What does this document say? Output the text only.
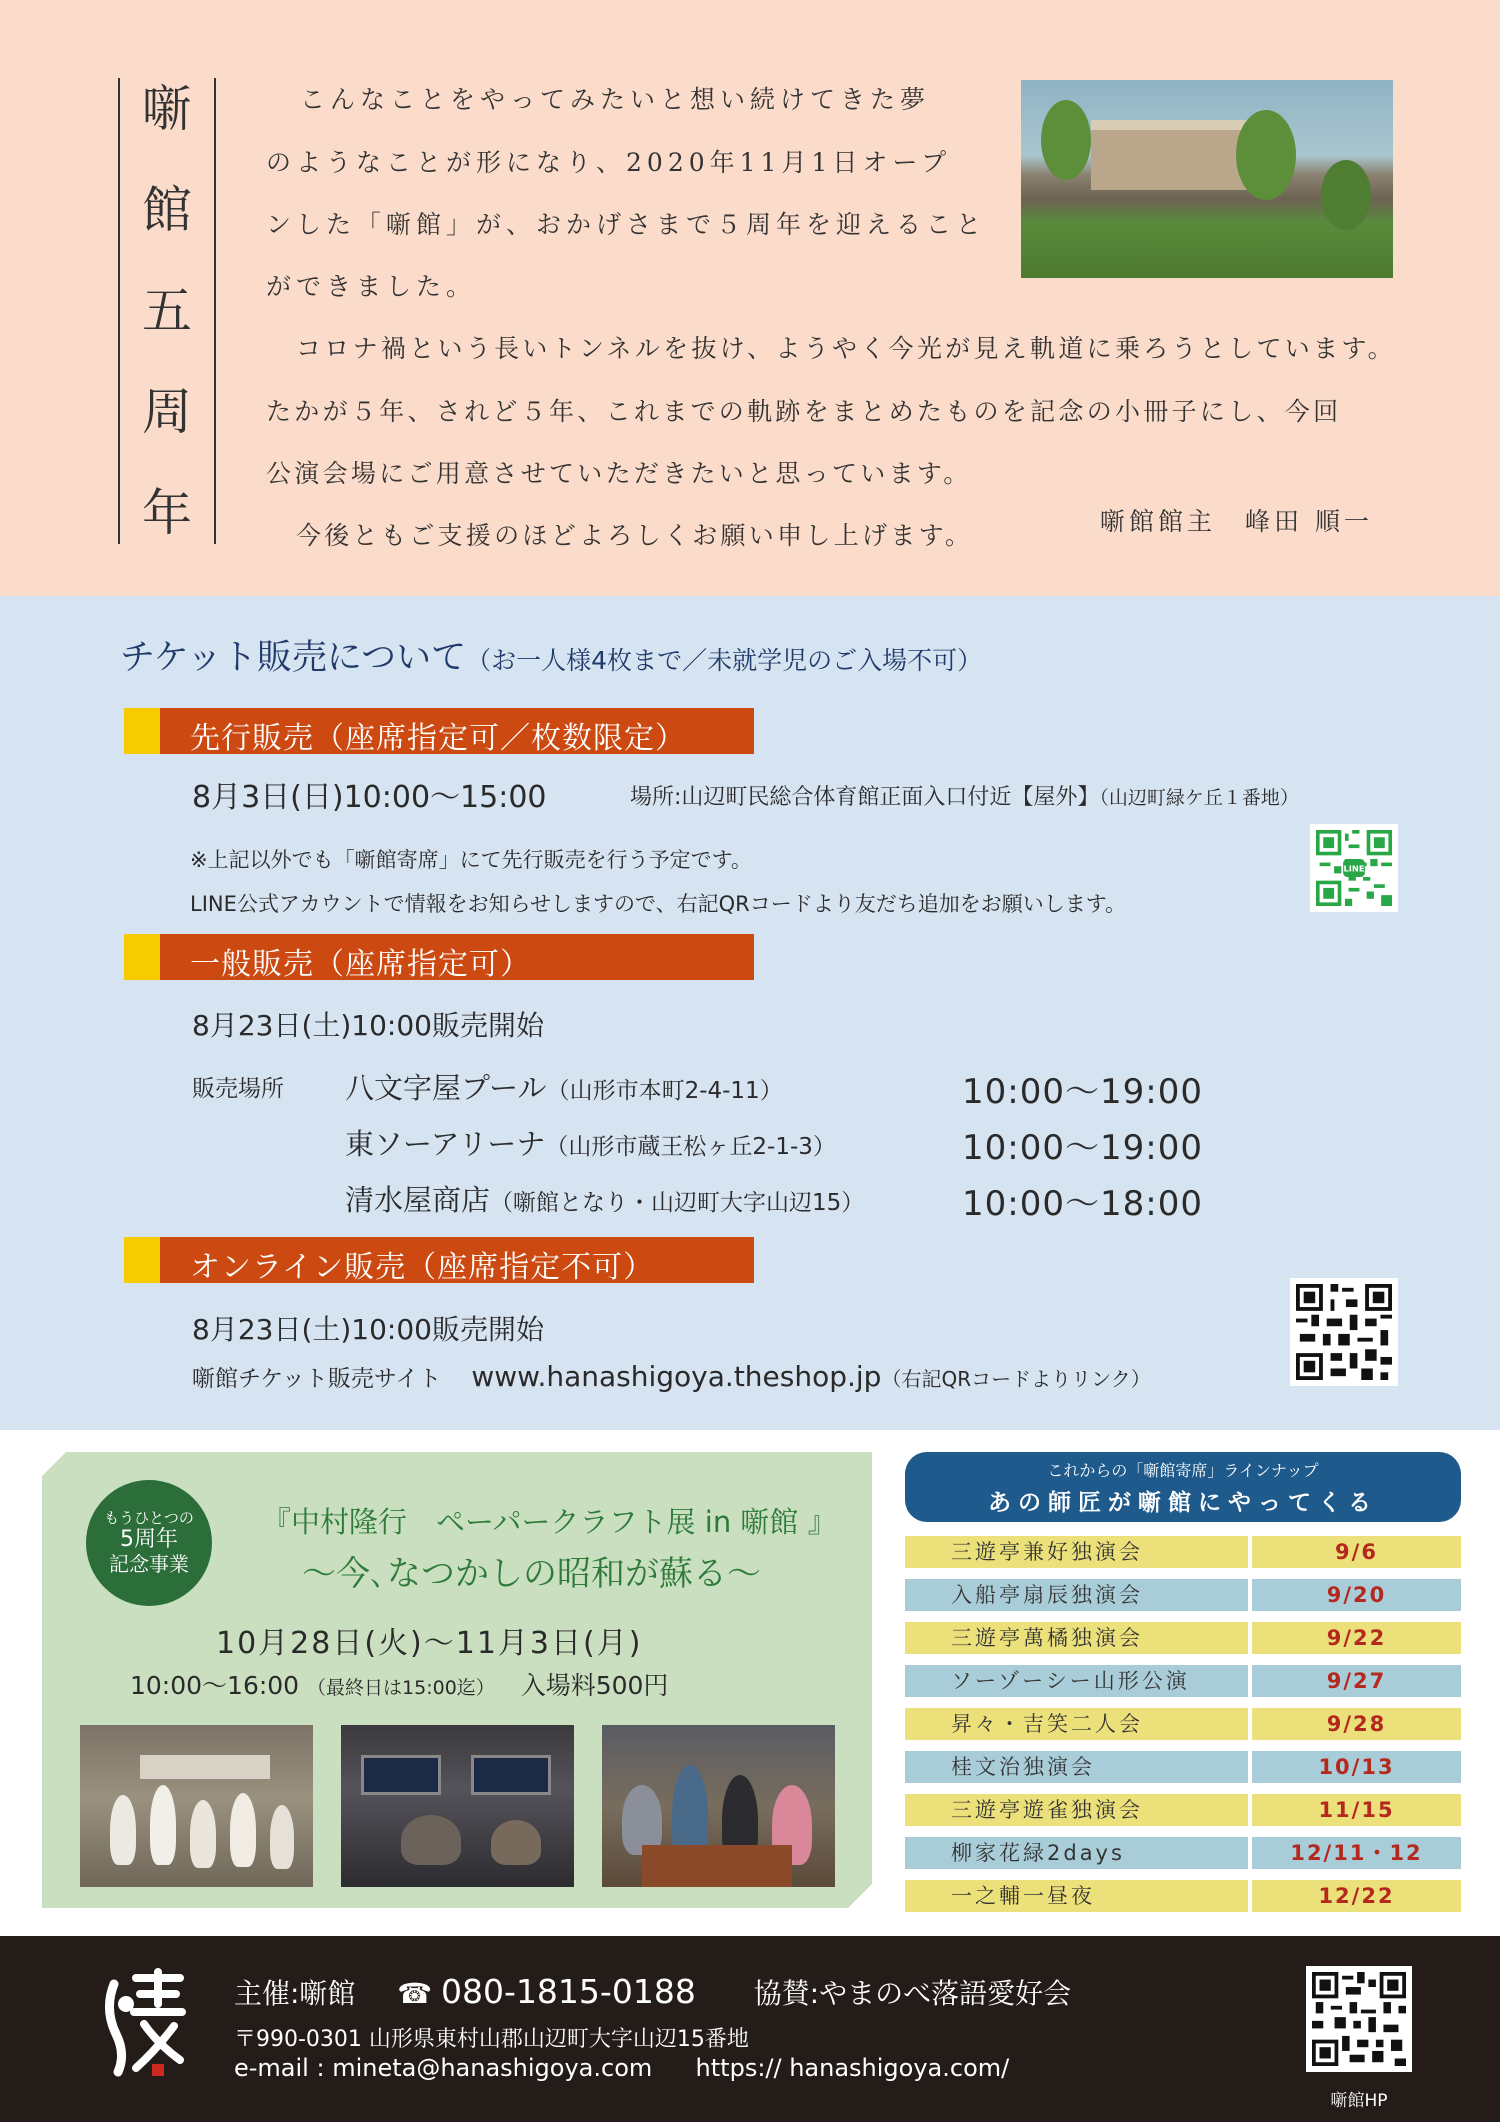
噺
館
五
周
年
こんなことをやってみたいと想い続けてきた夢
のようなことが形になり、2020年11月1日オープ
ンした「噺館」が、おかげさまで５周年を迎えること
ができました。
コロナ禍という長いトンネルを抜け、ようやく今光が見え軌道に乗ろうとしています。
たかが５年、されど５年、これまでの軌跡をまとめたものを記念の小冊子にし、今回
公演会場にご用意させていただきたいと思っています。
今後ともご支援のほどよろしくお願い申し上げます。	噺館館主　峰田 順一
チケット販売について（お一人様4枚まで／未就学児のご入場不可）
先行販売（座席指定可／枚数限定）
8月3日(日)10:00～15:00	場所:山辺町民総合体育館正面入口付近【屋外】（山辺町緑ケ丘１番地）
※上記以外でも「噺館寄席」にて先行販売を行う予定です。
LINE公式アカウントで情報をお知らせしますので、右記QRコードより友だち追加をお願いします。
LINE
一般販売（座席指定可）
8月23日(土)10:00販売開始
販売場所 八文字屋プール（山形市本町2-4-11）	10:00～19:00
東ソーアリーナ（山形市蔵王松ヶ丘2-1-3）	10:00～19:00
清水屋商店（噺館となり・山辺町大字山辺15）	10:00～18:00
オンライン販売（座席指定不可）
8月23日(土)10:00販売開始
噺館チケット販売サイト www.hanashigoya.theshop.jp（右記QRコードよりリンク）
もうひとつの
5周年
記念事業
『中村隆行　ペーパークラフト展 in 噺館 』
～今､なつかしの昭和が蘇る～
10月28日(火)～11月3日(月)
10:00～16:00 （最終日は15:00迄） 入場料500円
これからの「噺館寄席」ラインナップ
あの師匠が噺館にやってくる
三遊亭兼好独演会	9/6
入船亭扇辰独演会	9/20
三遊亭萬橘独演会	9/22
ソーゾーシー山形公演	9/27
昇々・吉笑二人会	9/28
桂文治独演会	10/13
三遊亭遊雀独演会	11/15
柳家花緑2days	12/11・12
一之輔一昼夜	12/22
主催:噺館 ☎ 080-1815-0188 協賛:やまのべ落語愛好会
〒990-0301 山形県東村山郡山辺町大字山辺15番地
e-mail : mineta@hanashigoya.com https:// hanashigoya.com/
噺館HP
